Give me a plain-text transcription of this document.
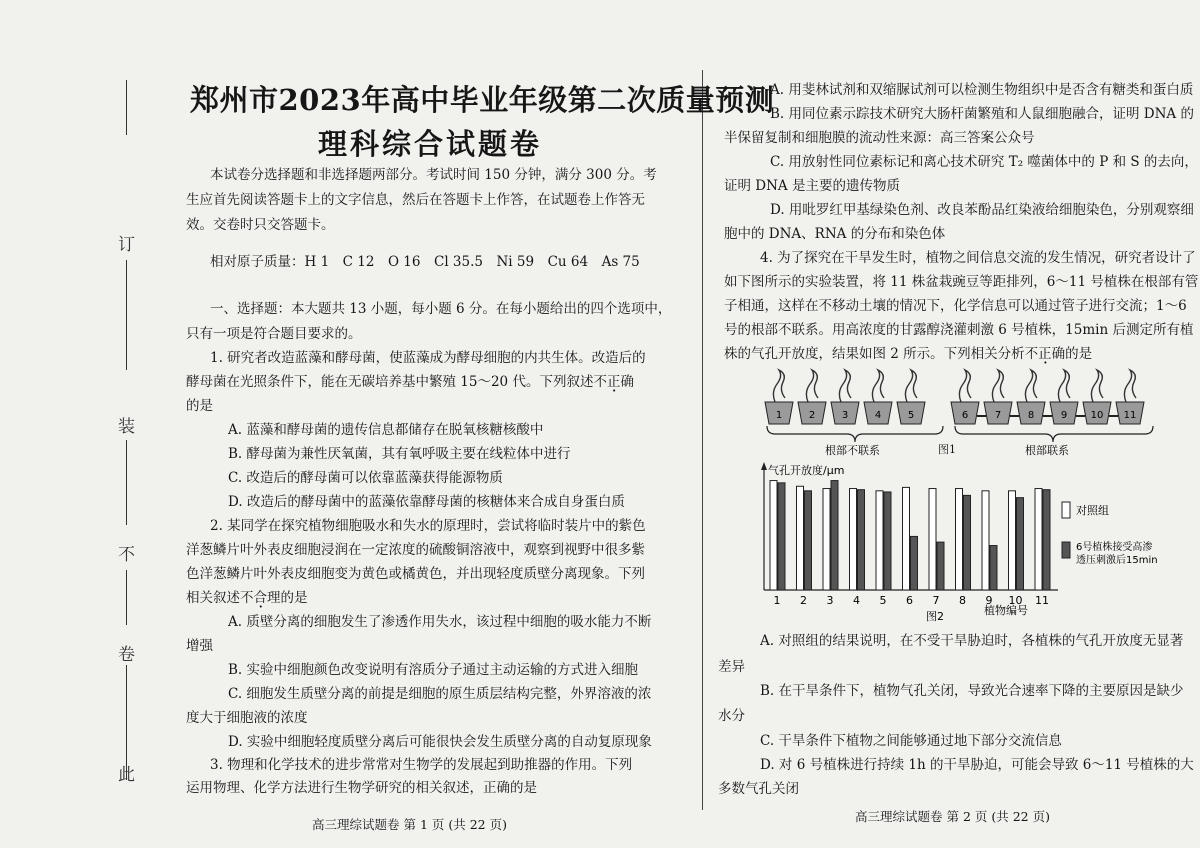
订
装
不
卷
此
郑州市2023年高中毕业年级第二次质量预测
理科综合试题卷
本试卷分选择题和非选择题两部分。考试时间 150 分钟，满分 300 分。考
生应首先阅读答题卡上的文字信息，然后在答题卡上作答，在试题卷上作答无
效。交卷时只交答题卡。
相对原子质量：H 1　C 12　O 16　Cl 35.5　Ni 59　Cu 64　As 75
一、选择题：本大题共 13 小题，每小题 6 分。在每小题给出的四个选项中，
只有一项是符合题目要求的。
1. 研究者改造蓝藻和酵母菌，使蓝藻成为酵母细胞的内共生体。改造后的
酵母菌在光照条件下，能在无碳培养基中繁殖 15～20 代。下列叙述不正确
的是
A. 蓝藻和酵母菌的遗传信息都储存在脱氧核糖核酸中
B. 酵母菌为兼性厌氧菌，其有氧呼吸主要在线粒体中进行
C. 改造后的酵母菌可以依靠蓝藻获得能源物质
D. 改造后的酵母菌中的蓝藻依靠酵母菌的核糖体来合成自身蛋白质
2. 某同学在探究植物细胞吸水和失水的原理时，尝试将临时装片中的紫色
洋葱鳞片叶外表皮细胞浸润在一定浓度的硫酸铜溶液中，观察到视野中很多紫
色洋葱鳞片叶外表皮细胞变为黄色或橘黄色，并出现轻度质壁分离现象。下列
相关叙述不合理的是
A. 质壁分离的细胞发生了渗透作用失水，该过程中细胞的吸水能力不断
增强
B. 实验中细胞颜色改变说明有溶质分子通过主动运输的方式进入细胞
C. 细胞发生质壁分离的前提是细胞的原生质层结构完整，外界溶液的浓
度大于细胞液的浓度
D. 实验中细胞轻度质壁分离后可能很快会发生质壁分离的自动复原现象
3. 物理和化学技术的进步常常对生物学的发展起到助推器的作用。下列
运用物理、化学方法进行生物学研究的相关叙述，正确的是
高三理综试题卷 第 1 页 (共 22 页)
A. 用斐林试剂和双缩脲试剂可以检测生物组织中是否含有糖类和蛋白质
B. 用同位素示踪技术研究大肠杆菌繁殖和人鼠细胞融合，证明 DNA 的
半保留复制和细胞膜的流动性来源：高三答案公众号
C. 用放射性同位素标记和离心技术研究 T₂ 噬菌体中的 P 和 S 的去向，
证明 DNA 是主要的遗传物质
D. 用吡罗红甲基绿染色剂、改良苯酚品红染液给细胞染色，分别观察细
胞中的 DNA、RNA 的分布和染色体
4. 为了探究在干旱发生时，植物之间信息交流的发生情况，研究者设计了
如下图所示的实验装置，将 11 株盆栽豌豆等距排列，6～11 号植株在根部有管
子相通，这样在不移动土壤的情况下，化学信息可以通过管子进行交流；1～6
号的根部不联系。用高浓度的甘露醇浇灌刺激 6 号植株，15min 后测定所有植
株的气孔开放度，结果如图 2 所示。下列相关分析不正确的是
1	2	3	4	5	6	7	8	9 10 11
根部不联系	根部联系
图1
气孔开放度/μm
1 2 3 4 5 6 7 8 9 10 11
植物编号
图2
对照组
6号植株接受高渗
透压刺激后15min
A. 对照组的结果说明，在不受干旱胁迫时，各植株的气孔开放度无显著
差异
B. 在干旱条件下，植物气孔关闭，导致光合速率下降的主要原因是缺少
水分
C. 干旱条件下植物之间能够通过地下部分交流信息
D. 对 6 号植株进行持续 1h 的干旱胁迫，可能会导致 6～11 号植株的大
多数气孔关闭
高三理综试题卷 第 2 页 (共 22 页)
